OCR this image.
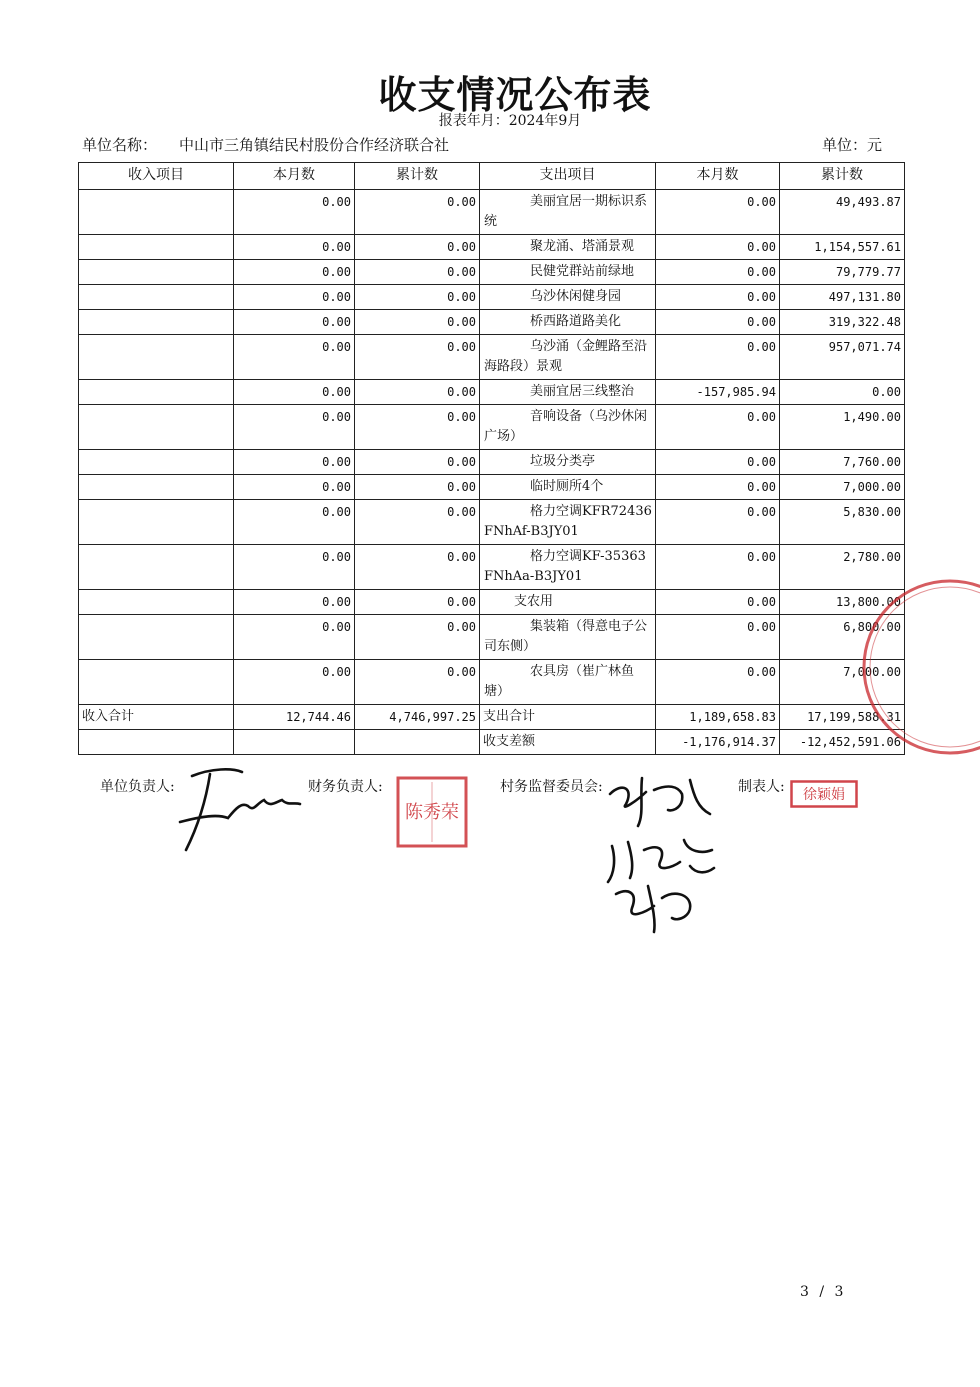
收支情况公布表
报表年月：2024年9月
单位名称： 中山市三角镇结民村股份合作经济联合社	单位：元
收入项目	本月数	累计数	支出项目	本月数	累计数
	0.00	0.00	美丽宜居一期标识系统	0.00	49,493.87
	0.00	0.00	聚龙涌、塔涌景观	0.00	1,154,557.61
	0.00	0.00	民健党群站前绿地	0.00	79,779.77
	0.00	0.00	乌沙休闲健身园	0.00	497,131.80
	0.00	0.00	桥西路道路美化	0.00	319,322.48
	0.00	0.00	乌沙涌（金鲤路至沿海路段）景观	0.00	957,071.74
	0.00	0.00	美丽宜居三线整治	-157,985.94	0.00
	0.00	0.00	音响设备（乌沙休闲广场）	0.00	1,490.00
	0.00	0.00	垃圾分类亭	0.00	7,760.00
	0.00	0.00	临时厕所4个	0.00	7,000.00
	0.00	0.00	格力空调KFR72436FNhAf-B3JY01	0.00	5,830.00
	0.00	0.00	格力空调KF-35363FNhAa-B3JY01	0.00	2,780.00
	0.00	0.00	支农用	0.00	13,800.00
	0.00	0.00	集装箱（得意电子公司东侧）	0.00	6,800.00
	0.00	0.00	农具房（崔广林鱼塘）	0.00	7,000.00
收入合计	12,744.46	4,746,997.25	支出合计	1,189,658.83	17,199,588.31
			收支差额	-1,176,914.37	-12,452,591.06
单位负责人:	财务负责人:	村务监督委员会:	制表人:
陈秀荣
徐颖娟
3 / 3
